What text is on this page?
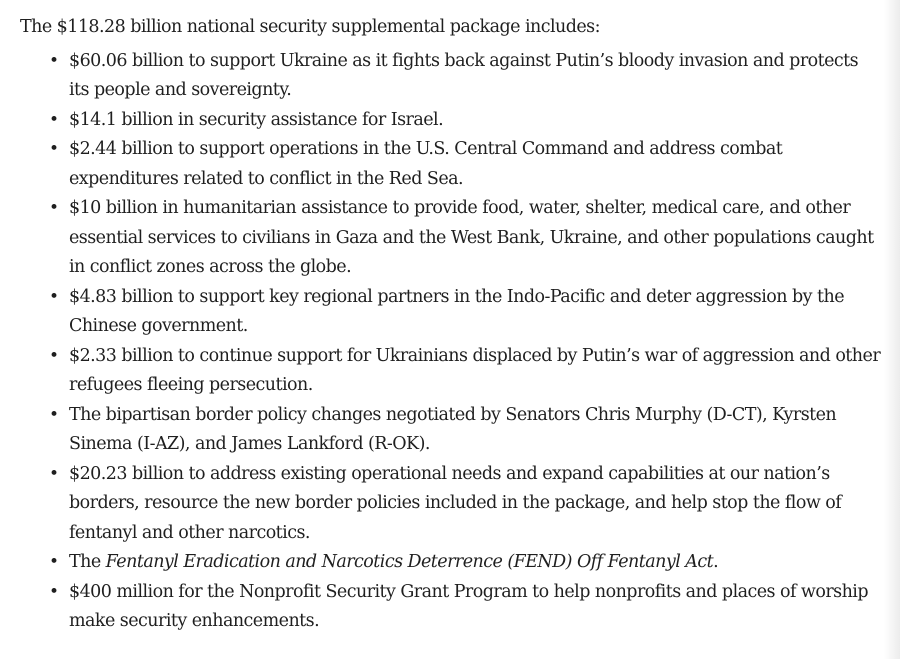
The $118.28 billion national security supplemental package includes:

• $60.06 billion to support Ukraine as it fights back against Putin’s bloody invasion and protects its people and sovereignty.
• $14.1 billion in security assistance for Israel.
• $2.44 billion to support operations in the U.S. Central Command and address combat expenditures related to conflict in the Red Sea.
• $10 billion in humanitarian assistance to provide food, water, shelter, medical care, and other essential services to civilians in Gaza and the West Bank, Ukraine, and other populations caught in conflict zones across the globe.
• $4.83 billion to support key regional partners in the Indo-Pacific and deter aggression by the Chinese government.
• $2.33 billion to continue support for Ukrainians displaced by Putin’s war of aggression and other refugees fleeing persecution.
• The bipartisan border policy changes negotiated by Senators Chris Murphy (D-CT), Kyrsten Sinema (I-AZ), and James Lankford (R-OK).
• $20.23 billion to address existing operational needs and expand capabilities at our nation’s borders, resource the new border policies included in the package, and help stop the flow of fentanyl and other narcotics.
• The Fentanyl Eradication and Narcotics Deterrence (FEND) Off Fentanyl Act.
• $400 million for the Nonprofit Security Grant Program to help nonprofits and places of worship make security enhancements.
